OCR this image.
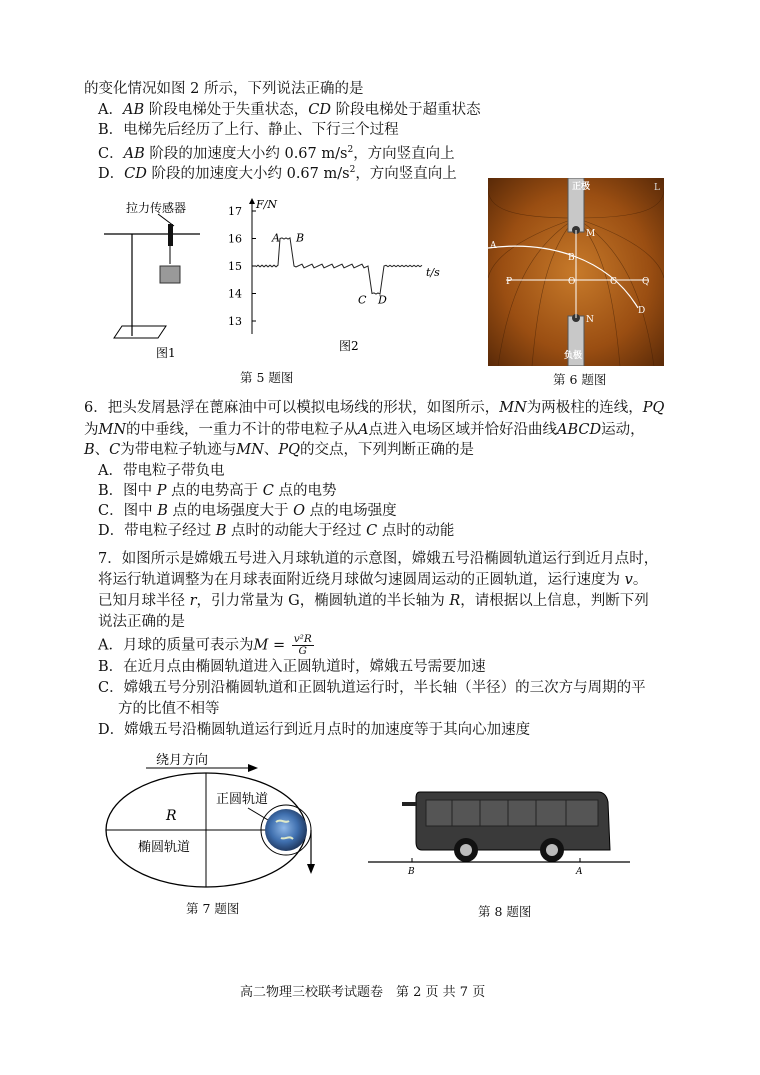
的变化情况如图 2 所示，下列说法正确的是
A．AB 阶段电梯处于失重状态，CD 阶段电梯处于超重状态
B．电梯先后经历了上行、静止、下行三个过程
C．AB 阶段的加速度大小约 0.67 $m/s^2$，方向竖直向上
D．CD 阶段的加速度大小约 0.67 $m/s^2$，方向竖直向上
拉力传感器
图1
F/N
17
16
15
14
13
A B
C D
t/s
图2
第 5 题图
正极
负极
M
A
B
P	O	C	Q
D
N
L
第 6 题图
6．把头发屑悬浮在蓖麻油中可以模拟电场线的形状，如图所示，MN为两极柱的连线，PQ
为MN的中垂线，一重力不计的带电粒子从A点进入电场区域并恰好沿曲线ABCD运动，
B、C为带电粒子轨迹与MN、PQ的交点，下列判断正确的是
A．带电粒子带负电
B．图中 P 点的电势高于 C 点的电势
C．图中 B 点的电场强度大于 O 点的电场强度
D．带电粒子经过 B 点时的动能大于经过 C 点时的动能
7．如图所示是嫦娥五号进入月球轨道的示意图，嫦娥五号沿椭圆轨道运行到近月点时，
将运行轨道调整为在月球表面附近绕月球做匀速圆周运动的正圆轨道，运行速度为 v。
已知月球半径 r，引力常量为 G，椭圆轨道的半长轴为 R，请根据以上信息，判断下列
说法正确的是
A．月球的质量可表示为$M = \frac{\text{v²R}}{G}$
B．在近月点由椭圆轨道进入正圆轨道时，嫦娥五号需要加速
C．嫦娥五号分别沿椭圆轨道和正圆轨道运行时，半长轴（半径）的三次方与周期的平
方的比值不相等
D．嫦娥五号沿椭圆轨道运行到近月点时的加速度等于其向心加速度
绕月方向
R
椭圆轨道
正圆轨道
第 7 题图
B	A
第 8 题图
高二物理三校联考试题卷　第 2 页 共 7 页
